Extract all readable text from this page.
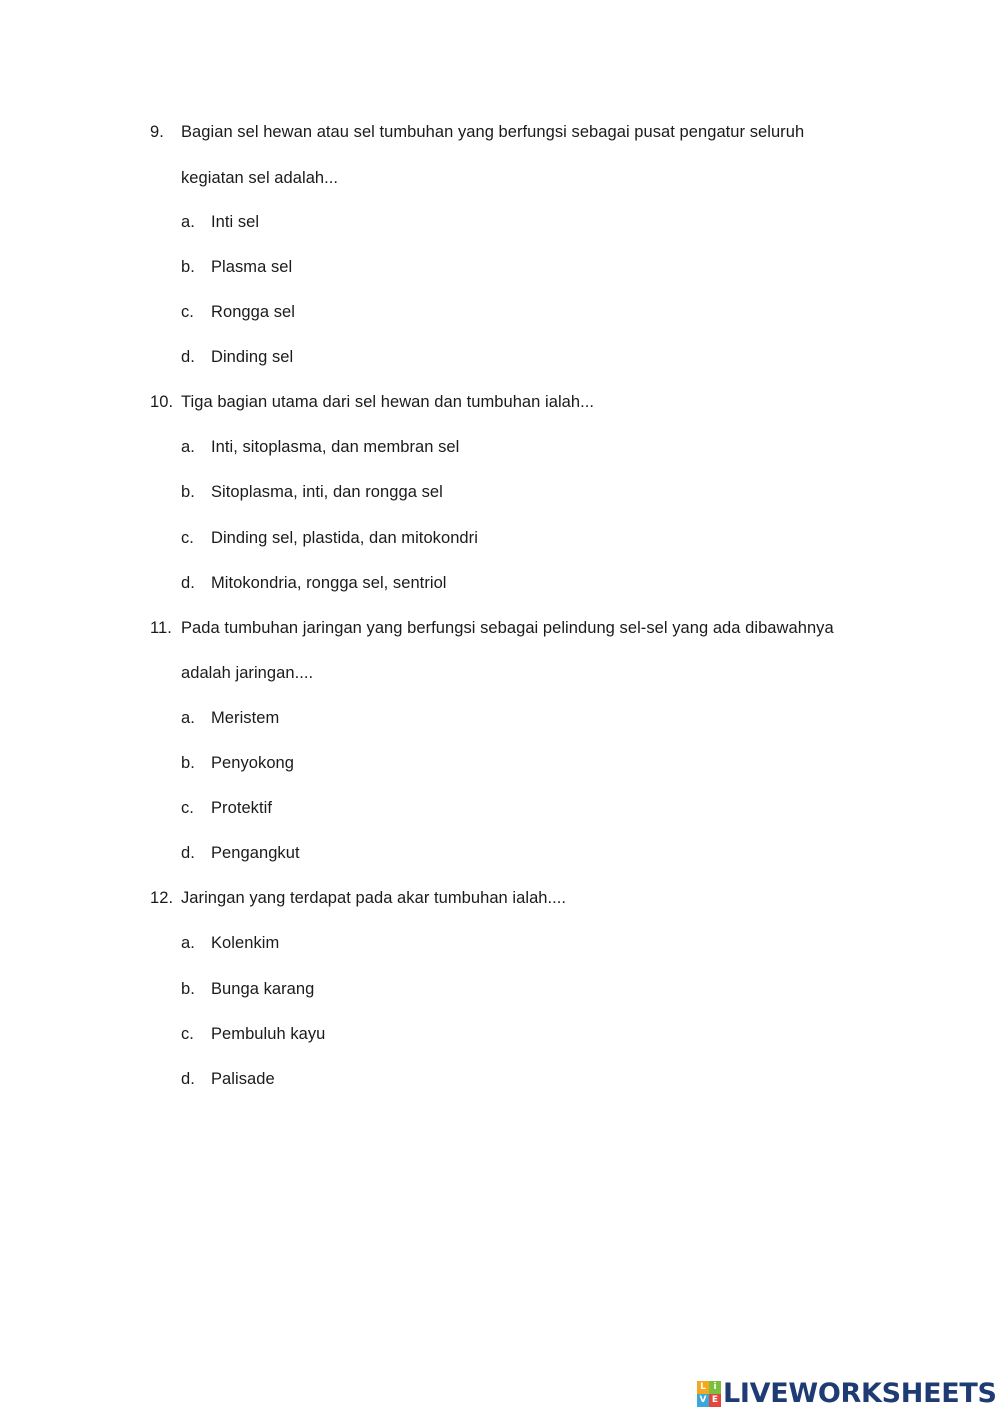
9. Bagian sel hewan atau sel tumbuhan yang berfungsi sebagai pusat pengatur seluruh
kegiatan sel adalah...
a. Inti sel
b. Plasma sel
c. Rongga sel
d. Dinding sel
10. Tiga bagian utama dari sel hewan dan tumbuhan ialah...
a. Inti, sitoplasma, dan membran sel
b. Sitoplasma, inti, dan rongga sel
c. Dinding sel, plastida, dan mitokondri
d. Mitokondria, rongga sel, sentriol
11. Pada tumbuhan jaringan yang berfungsi sebagai pelindung sel-sel yang ada dibawahnya
adalah jaringan....
a. Meristem
b. Penyokong
c. Protektif
d. Pengangkut
12. Jaringan yang terdapat pada akar tumbuhan ialah....
a. Kolenkim
b. Bunga karang
c. Pembuluh kayu
d. Palisade
L i
V E LIVEWORKSHEETS
